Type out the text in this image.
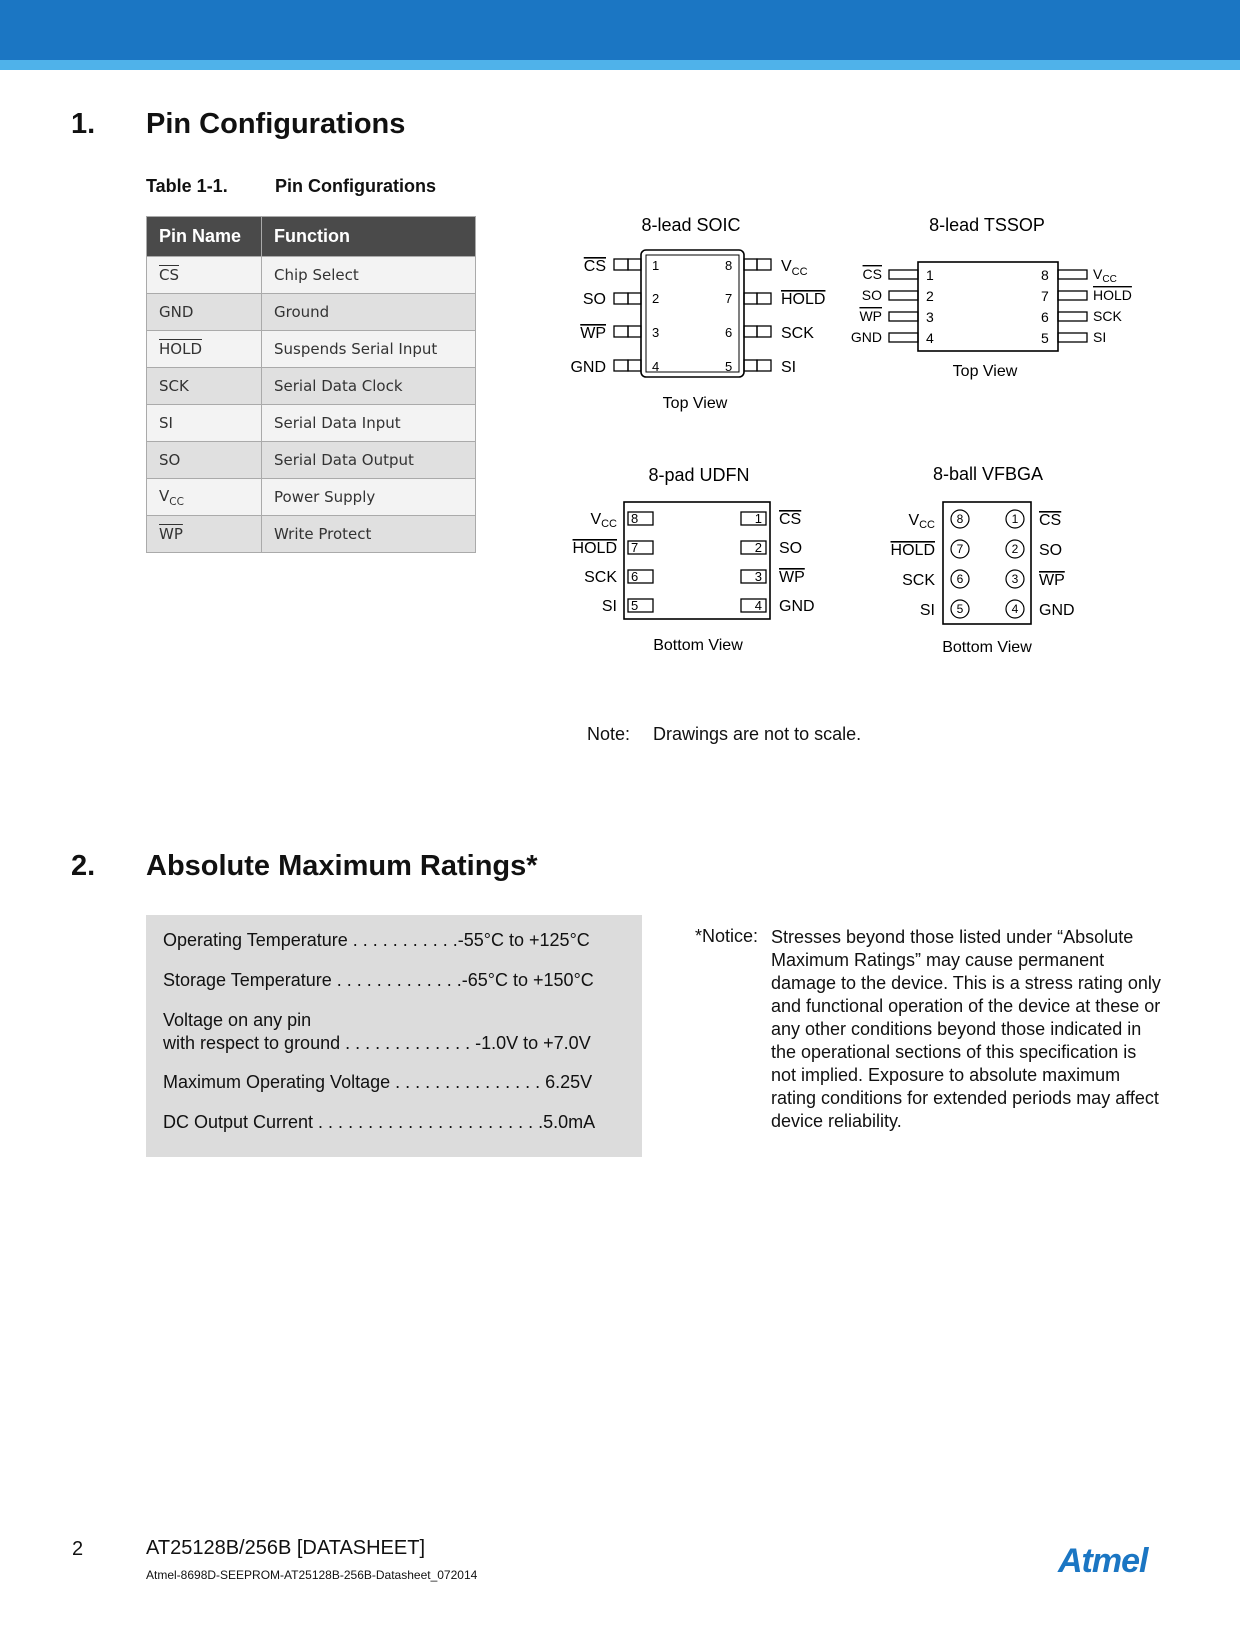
1. Pin Configurations
Table 1-1.	Pin Configurations
Pin Name	Function
$\overline{CS}$	Chip Select
GND	Ground
HOLD	Suspends Serial Input
SCK	Serial Data Clock
SI	Serial Data Input
SO	Serial Data Output
$V_{CC}$	Power Supply
$\overline{WP}$	Write Protect
8-lead SOIC
CS
SO
WP
GND
1
2
3
4
8
7
6
5
$V_{CC}$
HOLD
SCK
SI
Top View
8-lead TSSOP
CS
SO
WP
GND
1
2
3
4
8
7
6
5
$V_{CC}$
HOLD
SCK
SI
Top View
8-pad UDFN
8
7
6
5
1
2
3
4
VCC
HOLD
SCK
SI
CS
SO
WP
GND
Bottom View
8-ball VFBGA
8
7
6
5
1
2
3
4
VCC
HOLD
SCK
SI
CS
SO
WP
GND
Bottom View
Note: Drawings are not to scale.
2. Absolute Maximum Ratings*
Operating Temperature . . . . . . . . . . .-55°C to +125°C
Storage Temperature . . . . . . . . . . . . .-65°C to +150°C
Voltage on any pin
with respect to ground . . . . . . . . . . . . . -1.0V to +7.0V
Maximum Operating Voltage . . . . . . . . . . . . . . . 6.25V
DC Output Current . . . . . . . . . . . . . . . . . . . . . . .5.0mA
*Notice: Stresses beyond those listed under “Absolute Maximum Ratings” may cause permanent damage to the device. This is a stress rating only and functional operation of the device at these or any other conditions beyond those indicated in the operational sections of this specification is not implied. Exposure to absolute maximum rating conditions for extended periods may affect device reliability.
2	AT25128B/256B [DATASHEET]
Atmel-8698D-SEEPROM-AT25128B-256B-Datasheet_072014	Atmel
